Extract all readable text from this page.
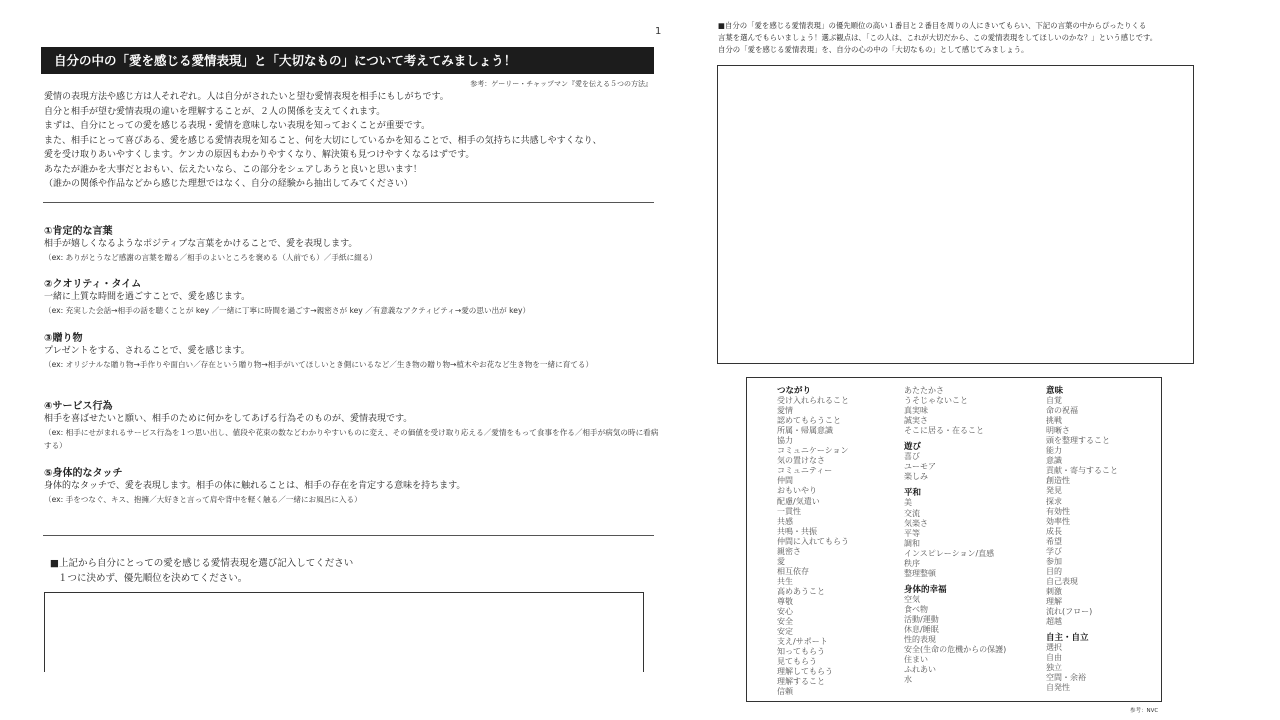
1
自分の中の「愛を感じる愛情表現」と「大切なもの」について考えてみましょう！
参考：ゲーリー・チャップマン『愛を伝える５つの方法』
愛情の表現方法や感じ方は人それぞれ。人は自分がされたいと望む愛情表現を相手にもしがちです。
自分と相手が望む愛情表現の違いを理解することが、２人の関係を支えてくれます。
まずは、自分にとっての愛を感じる表現・愛情を意味しない表現を知っておくことが重要です。
また、相手にとって喜びある、愛を感じる愛情表現を知ること、何を大切にしているかを知ることで、相手の気持ちに共感しやすくなり、
愛を受け取りあいやすくします。ケンカの原因もわかりやすくなり、解決策も見つけやすくなるはずです。
あなたが誰かを大事だとおもい、伝えたいなら、この部分をシェアしあうと良いと思います！
（誰かの関係や作品などから感じた理想ではなく、自分の経験から抽出してみてください）
①肯定的な言葉
相手が嬉しくなるようなポジティブな言葉をかけることで、愛を表現します。
（ex: ありがとうなど感謝の言葉を贈る／相手のよいところを褒める（人前でも）／手紙に綴る）
②クオリティ・タイム
一緒に上質な時間を過ごすことで、愛を感じます。
（ex: 充実した会話→相手の話を聴くことが key ／一緒に丁寧に時間を過ごす→親密さが key ／有意義なアクティビティ→愛の思い出が key）
③贈り物
プレゼントをする、されることで、愛を感じます。
（ex: オリジナルな贈り物→手作りや面白い／存在という贈り物→相手がいてほしいとき側にいるなど／生き物の贈り物→植木やお花など生き物を一緒に育てる）
④サービス行為
相手を喜ばせたいと願い、相手のために何かをしてあげる行為そのものが、愛情表現です。
（ex: 相手にせがまれるサービス行為を１つ思い出し、値段や花束の数などわかりやすいものに変え、その価値を受け取り応える／愛情をもって食事を作る／相手が病気の時に看病する）
⑤身体的なタッチ
身体的なタッチで、愛を表現します。相手の体に触れることは、相手の存在を肯定する意味を持ちます。
（ex: 手をつなぐ、キス、抱擁／大好きと言って肩や背中を軽く触る／一緒にお風呂に入る）
■上記から自分にとっての愛を感じる愛情表現を選び記入してください
１つに決めず、優先順位を決めてください。
■自分の「愛を感じる愛情表現」の優先順位の高い１番目と２番目を周りの人にきいてもらい、下記の言葉の中からぴったりくる
言葉を選んでもらいましょう！選ぶ観点は、「この人は、これが大切だから、この愛情表現をしてほしいのかな？」という感じです。
自分の「愛を感じる愛情表現」を、自分の心の中の「大切なもの」として感じてみましょう。
つながり
受け入れられること
愛情
認めてもらうこと
所属・帰属意識
協力
コミュニケーション
気の置けなさ
コミュニティー
仲間
おもいやり
配慮/気遣い
一貫性
共感
共鳴・共振
仲間に入れてもらう
親密さ
愛
相互依存
共生
高めあうこと
尊敬
安心
安全
安定
支え/サポート
知ってもらう
見てもらう
理解してもらう
理解すること
信頼
あたたかさ
うそじゃないこと
真実味
誠実さ
そこに居る・在ること
遊び
喜び
ユーモア
楽しみ
平和
美
交流
気楽さ
平等
調和
インスピレーション/直感
秩序
整理整頓
身体的幸福
空気
食べ物
活動/運動
休息/睡眠
性的表現
安全(生命の危機からの保護)
住まい
ふれあい
水
意味
自覚
命の祝福
挑戦
明晰さ
頭を整理すること
能力
意識
貢献・寄与すること
創造性
発見
探求
有効性
効率性
成長
希望
学び
参加
目的
自己表現
刺激
理解
流れ(フロー)
超越
自主・自立
選択
自由
独立
空間・余裕
自発性
参考：NVC
